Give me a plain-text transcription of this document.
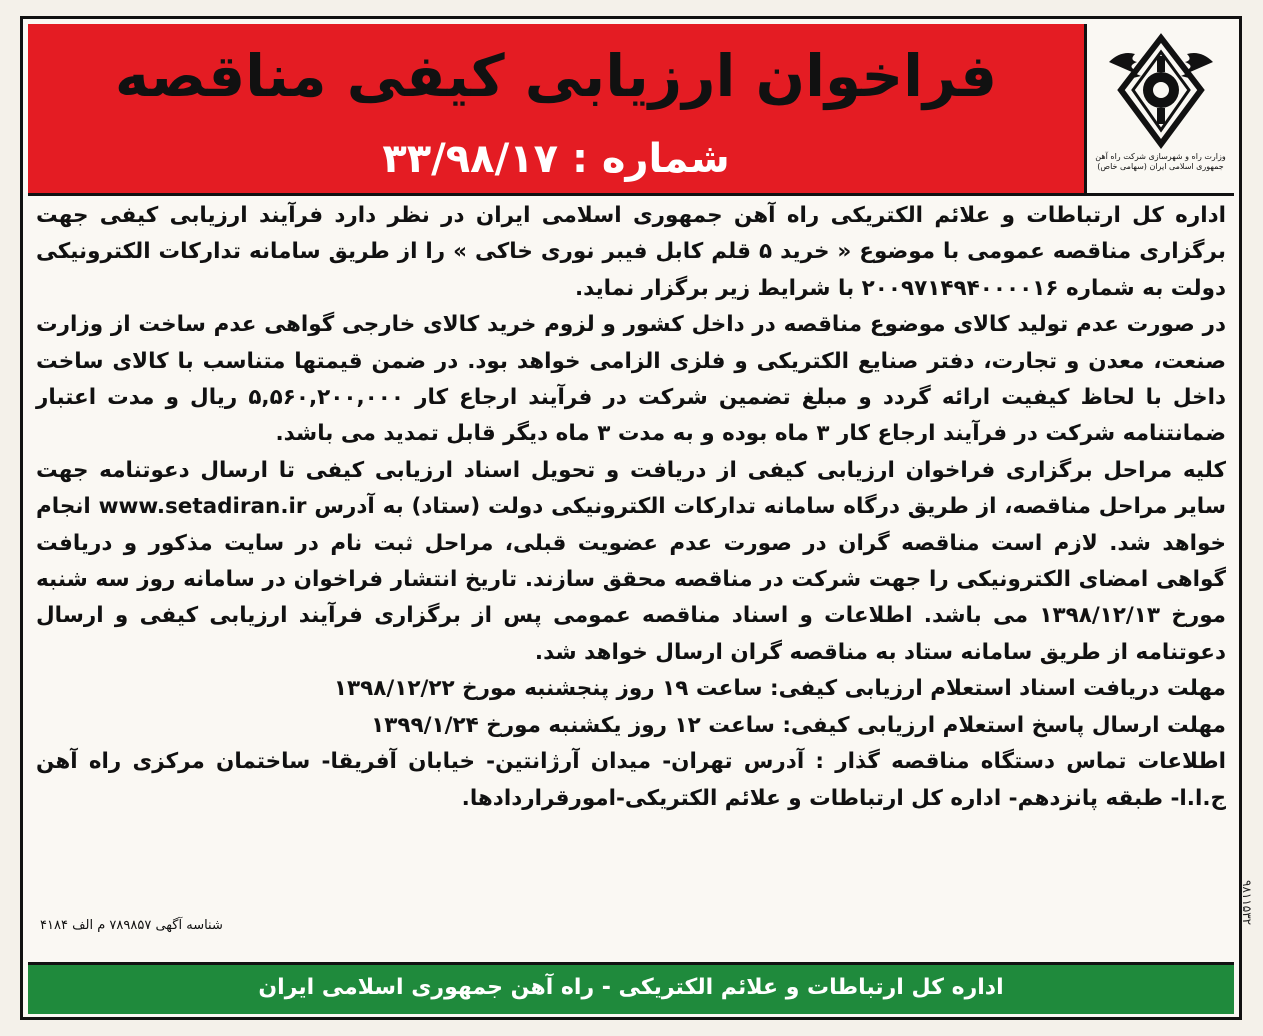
فراخوان ارزیابی کیفی مناقصه
شماره : ۳۳/۹۸/۱۷	وزارت راه و شهرسازی شرکت راه آهن جمهوری اسلامی ایران (سهامی خاص)

اداره کل ارتباطات و علائم الکتریکی راه آهن جمهوری اسلامی ایران در نظر دارد فرآیند ارزیابی کیفی جهت برگزاری مناقصه عمومی با موضوع « خرید ۵ قلم کابل فیبر نوری خاکی » را از طریق سامانه تدارکات الکترونیکی دولت به شماره ۲۰۰۹۷۱۴۹۴۰۰۰۰۱۶ با شرایط زیر برگزار نماید.

در صورت عدم تولید کالای موضوع مناقصه در داخل کشور و لزوم خرید کالای خارجی گواهی عدم ساخت از وزارت صنعت، معدن و تجارت، دفتر صنایع الکتریکی و فلزی الزامی خواهد بود. در ضمن قیمتها متناسب با کالای ساخت داخل با لحاظ کیفیت ارائه گردد و مبلغ تضمین شرکت در فرآیند ارجاع کار ۵,۵۶۰,۲۰۰,۰۰۰ ریال و مدت اعتبار ضمانتنامه شرکت در فرآیند ارجاع کار ۳ ماه بوده و به مدت ۳ ماه دیگر قابل تمدید می باشد.

کلیه مراحل برگزاری فراخوان ارزیابی کیفی از دریافت و تحویل اسناد ارزیابی کیفی تا ارسال دعوتنامه جهت سایر مراحل مناقصه، از طریق درگاه سامانه تدارکات الکترونیکی دولت (ستاد) به آدرس www.setadiran.ir انجام خواهد شد. لازم است مناقصه گران در صورت عدم عضویت قبلی، مراحل ثبت نام در سایت مذکور و دریافت گواهی امضای الکترونیکی را جهت شرکت در مناقصه محقق سازند. تاریخ انتشار فراخوان در سامانه روز سه شنبه مورخ ۱۳۹۸/۱۲/۱۳ می باشد. اطلاعات و اسناد مناقصه عمومی پس از برگزاری فرآیند ارزیابی کیفی و ارسال دعوتنامه از طریق سامانه ستاد به مناقصه گران ارسال خواهد شد.

مهلت دریافت اسناد استعلام ارزیابی کیفی: ساعت ۱۹ روز پنجشنبه مورخ ۱۳۹۸/۱۲/۲۲

مهلت ارسال پاسخ استعلام ارزیابی کیفی: ساعت ۱۲ روز یکشنبه مورخ ۱۳۹۹/۱/۲۴

اطلاعات تماس دستگاه مناقصه گذار : آدرس تهران- میدان آرژانتین- خیابان آفریقا- ساختمان مرکزی راه آهن ج.ا.ا- طبقه پانزدهم- اداره کل ارتباطات و علائم الکتریکی-امورقراردادها.

شناسه آگهی ۷۸۹۸۵۷ م الف ۴۱۸۴
اداره کل ارتباطات و علائم الکتریکی - راه آهن جمهوری اسلامی ایران
۹۸۱۱۵۳۲
